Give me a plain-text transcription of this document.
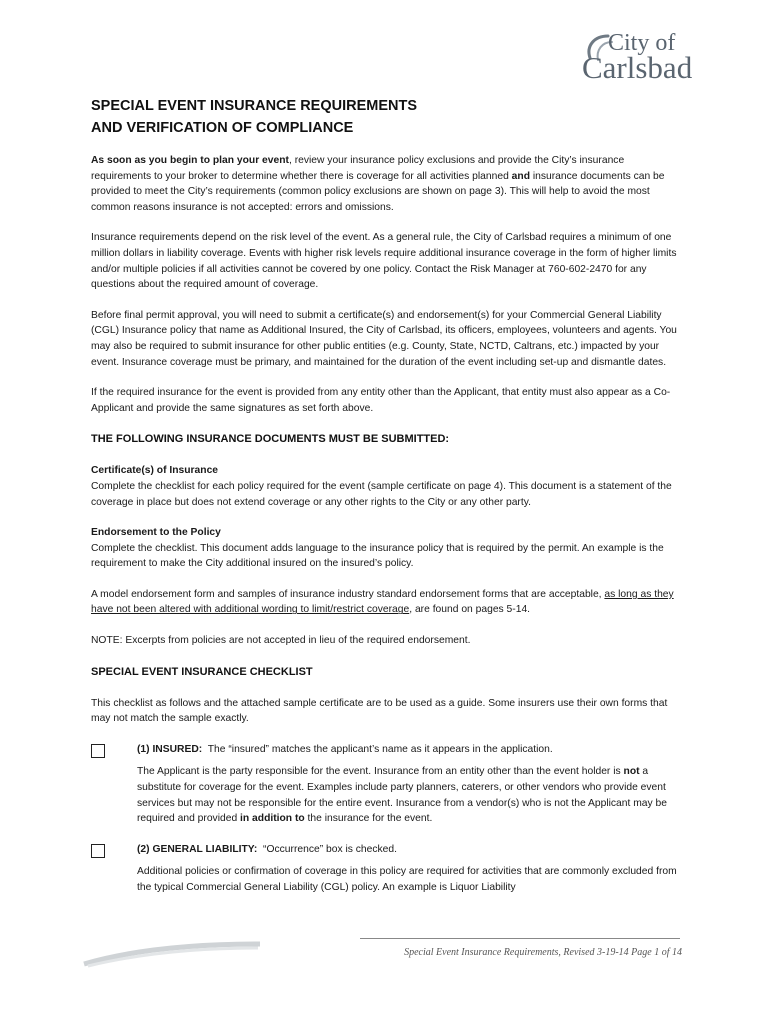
City of
Carlsbad
SPECIAL EVENT INSURANCE REQUIREMENTS
AND VERIFICATION OF COMPLIANCE

As soon as you begin to plan your event, review your insurance policy exclusions and provide the City’s insurance requirements to your broker to determine whether there is coverage for all activities planned and insurance documents can be provided to meet the City’s requirements (common policy exclusions are shown on page 3). This will help to avoid the most common reasons insurance is not accepted: errors and omissions.

Insurance requirements depend on the risk level of the event. As a general rule, the City of Carlsbad requires a minimum of one million dollars in liability coverage. Events with higher risk levels require additional insurance coverage in the form of higher limits and/or multiple policies if all activities cannot be covered by one policy. Contact the Risk Manager at 760-602-2470 for any questions about the required amount of coverage.

Before final permit approval, you will need to submit a certificate(s) and endorsement(s) for your Commercial General Liability (CGL) Insurance policy that name as Additional Insured, the City of Carlsbad, its officers, employees, volunteers and agents. You may also be required to submit insurance for other public entities (e.g. County, State, NCTD, Caltrans, etc.) impacted by your event. Insurance coverage must be primary, and maintained for the duration of the event including set-up and dismantle dates.

If the required insurance for the event is provided from any entity other than the Applicant, that entity must also appear as a Co-Applicant and provide the same signatures as set forth above.

THE FOLLOWING INSURANCE DOCUMENTS MUST BE SUBMITTED:

Certificate(s) of Insurance
Complete the checklist for each policy required for the event (sample certificate on page 4). This document is a statement of the coverage in place but does not extend coverage or any other rights to the City or any other party.

Endorsement to the Policy
Complete the checklist. This document adds language to the insurance policy that is required by the permit. An example is the requirement to make the City additional insured on the insured’s policy.

A model endorsement form and samples of insurance industry standard endorsement forms that are acceptable, as long as they have not been altered with additional wording to limit/restrict coverage, are found on pages 5-14.

NOTE: Excerpts from policies are not accepted in lieu of the required endorsement.

SPECIAL EVENT INSURANCE CHECKLIST

This checklist as follows and the attached sample certificate are to be used as a guide. Some insurers use their own forms that may not match the sample exactly.

(1) INSURED:  The “insured” matches the applicant’s name as it appears in the application.

The Applicant is the party responsible for the event. Insurance from an entity other than the event holder is not a substitute for coverage for the event. Examples include party planners, caterers, or other vendors who provide event services but may not be responsible for the entire event. Insurance from a vendor(s) who is not the Applicant may be required and provided in addition to the insurance for the event.

(2) GENERAL LIABILITY:  “Occurrence” box is checked.

Additional policies or confirmation of coverage in this policy are required for activities that are commonly excluded from the typical Commercial General Liability (CGL) policy. An example is Liquor Liability

Special Event Insurance Requirements, Revised 3-19-14 Page 1 of 14
